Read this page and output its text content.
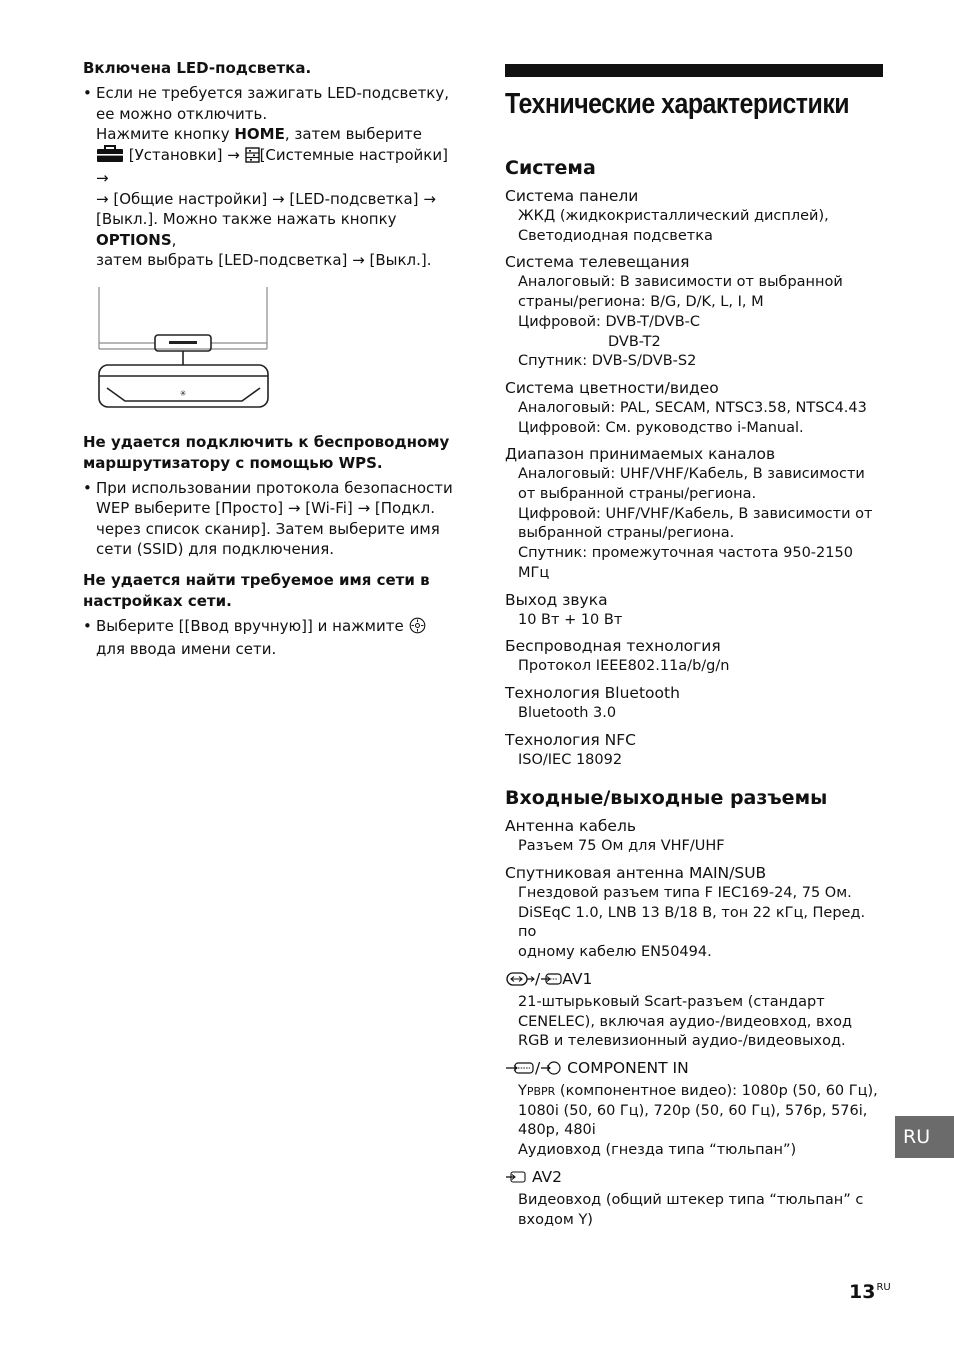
Включена LED-подсветка.

• Если не требуется зажигать LED-подсветку, ее можно отключить.

Нажмите кнопку HOME, затем выберите

[Установки] → [Системные настройки] →

→ [Общие настройки] → [LED-подсветка] →

[Выкл.]. Можно также нажать кнопку OPTIONS,

затем выбрать [LED-подсветка] → [Выкл.].

✳

Не удается подключить к беспроводному маршрутизатору с помощью WPS.

• При использовании протокола безопасности WEP выберите [Просто] → [Wi-Fi] → [Подкл. через список сканир]. Затем выберите имя сети (SSID) для подключения.

Не удается найти требуемое имя сети в настройках сети.

• Выберите [[Ввод вручную]] и нажмите  для ввода имени сети.

Технические характеристики
Система

Система панели

ЖКД (жидкокристаллический дисплей),

Светодиодная подсветка

Система телевещания

Аналоговый: В зависимости от выбранной

страны/региона: B/G, D/K, L, I, M

Цифровой: DVB-T/DVB-C

DVB-T2

Спутник: DVB-S/DVB-S2

Система цветности/видео

Аналоговый: PAL, SECAM, NTSC3.58, NTSC4.43

Цифровой: См. руководство i-Manual.

Диапазон принимаемых каналов

Аналоговый: UHF/VHF/Кабель, В зависимости

от выбранной страны/региона.

Цифровой: UHF/VHF/Кабель, В зависимости от

выбранной страны/региона.

Спутник: промежуточная частота 950-2150 МГц

Выход звука

10 Вт + 10 Вт

Беспроводная технология

Протокол IEEE802.11a/b/g/n

Технология Bluetooth

Bluetooth 3.0

Технология NFC

ISO/IEC 18092

Входные/выходные разъемы

Антенна кабель

Разъем 75 Ом для VHF/UHF

Спутниковая антенна MAIN/SUB

Гнездовой разъем типа F IEC169-24, 75 Ом.

DiSEqC 1.0, LNB 13 В/18 В, тон 22 кГц, Перед. по

одному кабелю EN50494.

/ AV1

21-штырьковый Scart-разъем (стандарт

CENELEC), включая аудио-/видеовход, вход

RGB и телевизионный аудио-/видеовыход.

/ COMPONENT IN

YPBPR (компонентное видео): 1080p (50, 60 Гц),

1080i (50, 60 Гц), 720p (50, 60 Гц), 576p, 576i,

480p, 480i

Аудиовход (гнезда типа “тюльпан”)

AV2

Видеовход (общий штекер типа “тюльпан” с

входом Y)

RU
$13^{RU}$
